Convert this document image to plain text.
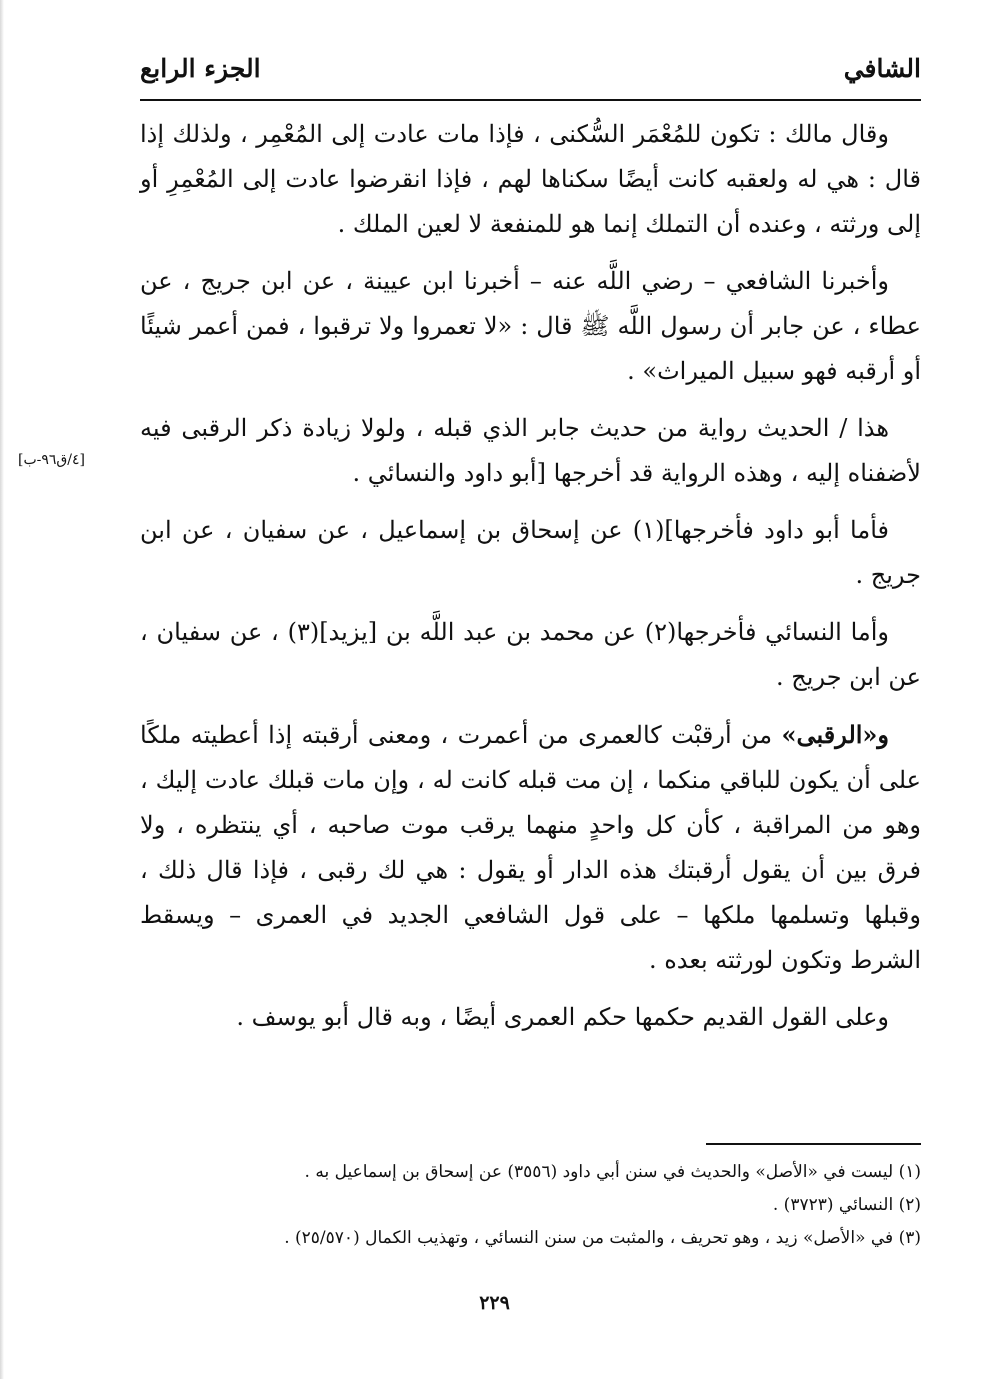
الشافي
الجزء الرابع
[٤/ق٩٦-ب]

وقال مالك : تكون للمُعْمَر السُّكنى ، فإذا مات عادت إلى المُعْمِر ، ولذلك إذا قال : هي له ولعقبه كانت أيضًا سكناها لهم ، فإذا انقرضوا عادت إلى المُعْمِرِ أو إلى ورثته ، وعنده أن التملك إنما هو للمنفعة لا لعين الملك .

وأخبرنا الشافعي – رضي اللَّه عنه – أخبرنا ابن عيينة ، عن ابن جريج ، عن عطاء ، عن جابر أن رسول اللَّه ﷺ قال : «لا تعمروا ولا ترقبوا ، فمن أعمر شيئًا أو أرقبه فهو سبيل الميراث» .

هذا / الحديث رواية من حديث جابر الذي قبله ، ولولا زيادة ذكر الرقبى فيه لأضفناه إليه ، وهذه الرواية قد أخرجها [أبو داود والنسائي .

فأما أبو داود فأخرجها](١) عن إسحاق بن إسماعيل ، عن سفيان ، عن ابن جريج .

وأما النسائي فأخرجها(٢) عن محمد بن عبد اللَّه بن [يزيد](٣) ، عن سفيان ، عن ابن جريج .

و«الرقبى» من أرقبْت كالعمرى من أعمرت ، ومعنى أرقبته إذا أعطيته ملكًا على أن يكون للباقي منكما ، إن مت قبله كانت له ، وإن مات قبلك عادت إليك ، وهو من المراقبة ، كأن كل واحدٍ منهما يرقب موت صاحبه ، أي ينتظره ، ولا فرق بين أن يقول أرقبتك هذه الدار أو يقول : هي لك رقبى ، فإذا قال ذلك ، وقبلها وتسلمها ملكها – على قول الشافعي الجديد في العمرى – ويسقط الشرط وتكون لورثته بعده .

وعلى القول القديم حكمها حكم العمرى أيضًا ، وبه قال أبو يوسف .

(١) ليست في «الأصل» والحديث في سنن أبي داود (٣٥٥٦) عن إسحاق بن إسماعيل به .

(٢) النسائي (٣٧٢٣) .

(٣) في «الأصل» زيد ، وهو تحريف ، والمثبت من سنن النسائي ، وتهذيب الكمال (٢٥/٥٧٠) .

٢٢٩
